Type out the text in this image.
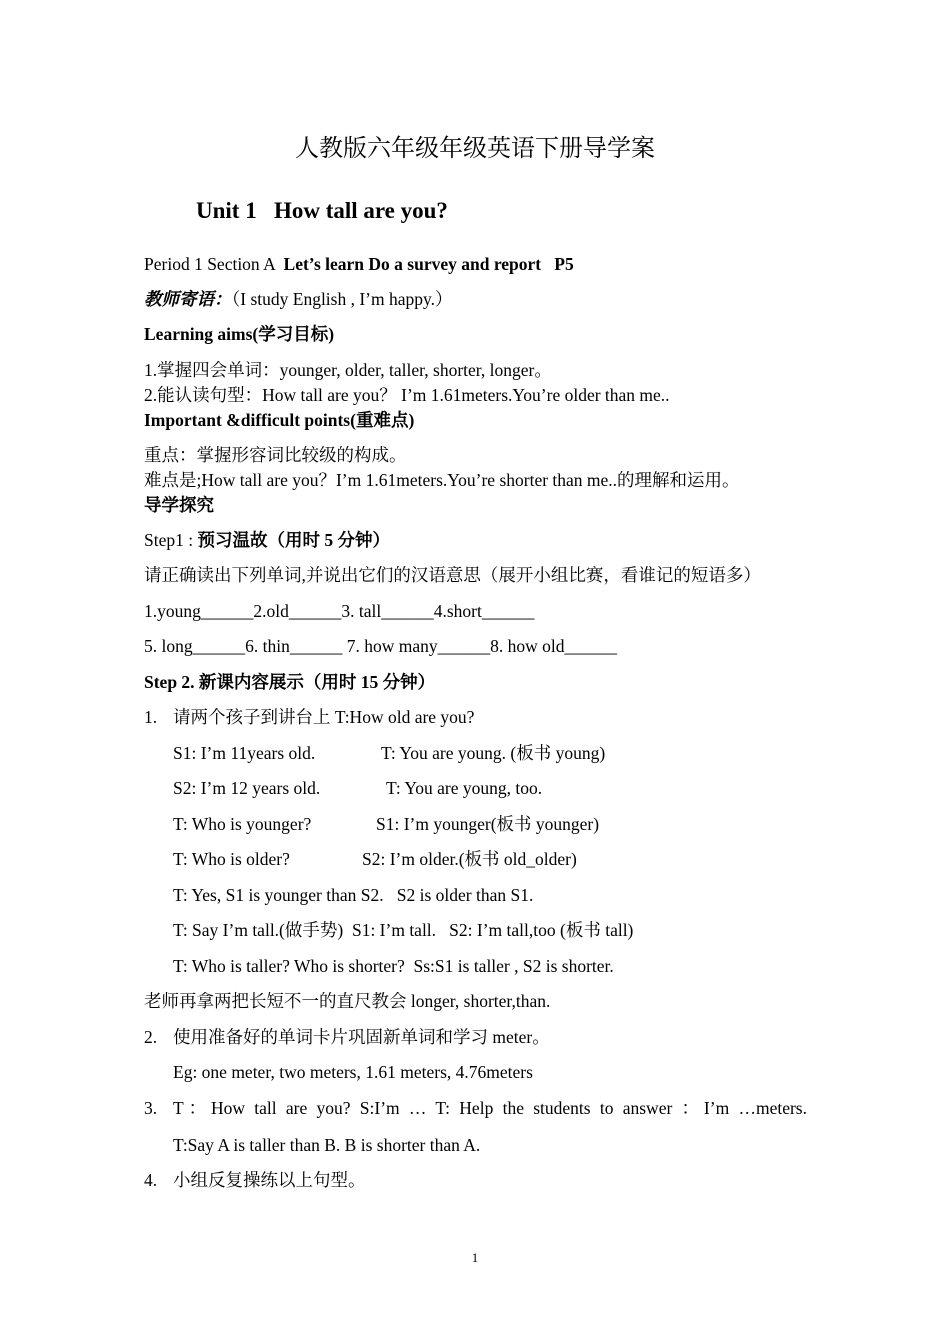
人教版六年级年级英语下册导学案
Unit 1   How tall are you?
Period 1 Section A  Let’s learn Do a survey and report   P5
教师寄语：（I study English , I’m happy.）
Learning aims(学习目标)
1.掌握四会单词：younger, older, taller, shorter, longer。
2.能认读句型：How tall are you？ I’m 1.61meters.You’re older than me..
Important &difficult points(重难点)
重点：掌握形容词比较级的构成。
难点是;How tall are you？I’m 1.61meters.You’re shorter than me..的理解和运用。
导学探究
Step1 : 预习温故（用时 5 分钟）
请正确读出下列单词,并说出它们的汉语意思（展开小组比赛，看谁记的短语多）
1.young______2.old______3. tall______4.short______
5. long______6. thin______ 7. how many______8. how old______
Step 2. 新课内容展示（用时 15 分钟）
1. 请两个孩子到讲台上 T:How old are you?
S1: I’m 11years old.	T: You are young. (板书 young)
S2: I’m 12 years old.	T: You are young, too.
T: Who is younger?	S1: I’m younger(板书 younger)
T: Who is older?	S2: I’m older.(板书 old_older)
T: Yes, S1 is younger than S2.   S2 is older than S1.
T: Say I’m tall.(做手势)  S1: I’m tall.   S2: I’m tall,too (板书 tall)
T: Who is taller? Who is shorter?  Ss:S1 is taller , S2 is shorter.
老师再拿两把长短不一的直尺教会 longer, shorter,than.
2. 使用准备好的单词卡片巩固新单词和学习 meter。
Eg: one meter, two meters, 1.61 meters, 4.76meters
3. T：How tall are you? S:I’m … T: Help the students to answer ：I’m …meters.
T:Say A is taller than B. B is shorter than A.
4. 小组反复操练以上句型。
1
